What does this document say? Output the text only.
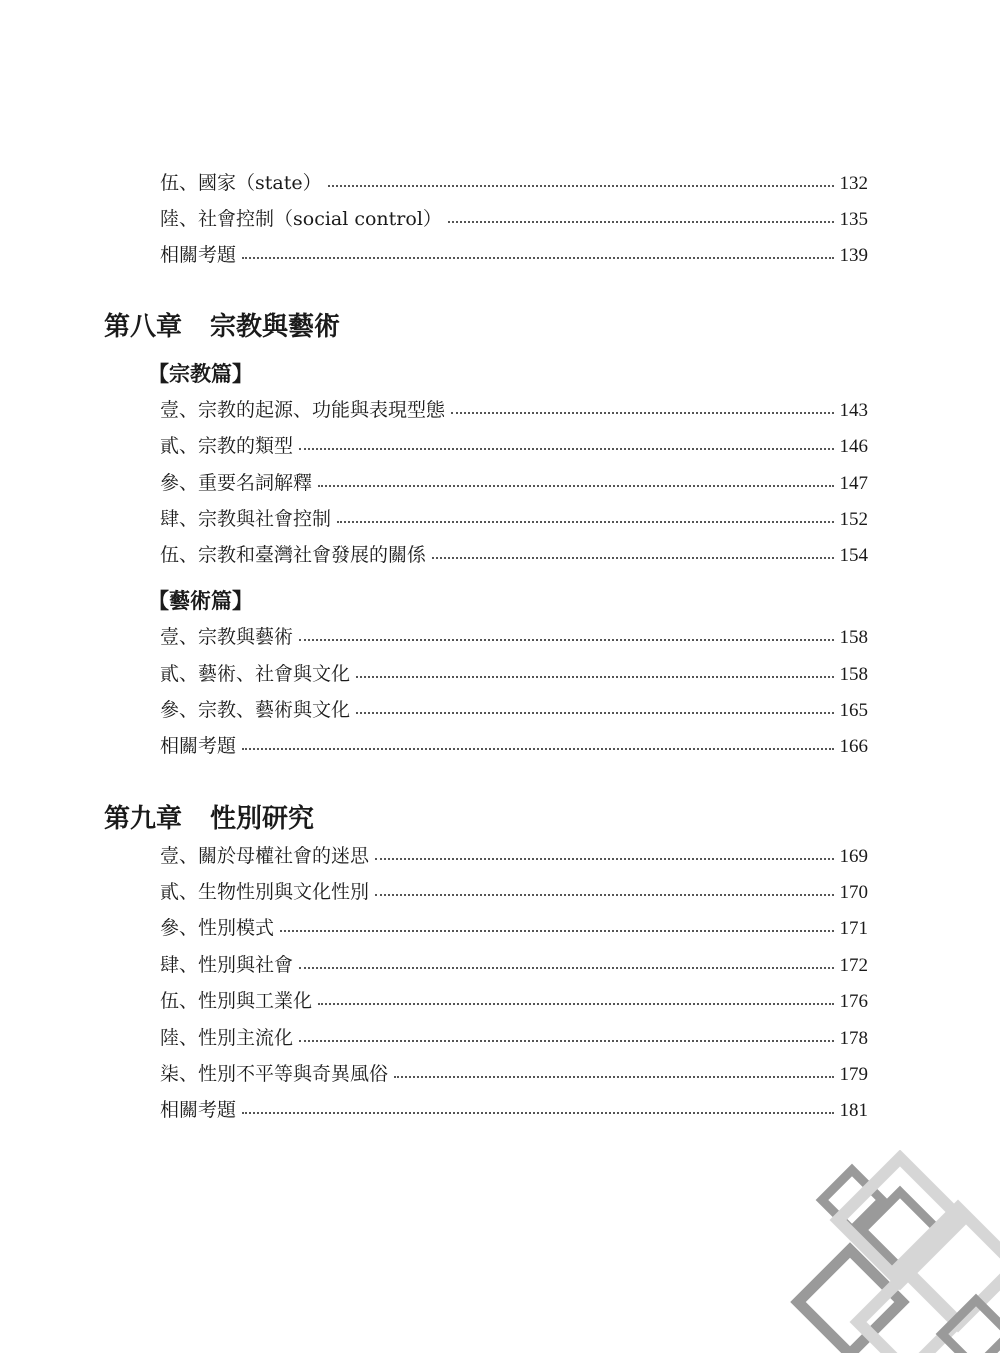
伍、國家（state）	132
陸、社會控制（social control）	135
相關考題	139
第八章 宗教與藝術
【宗教篇】
壹、宗教的起源、功能與表現型態	143
貳、宗教的類型	146
參、重要名詞解釋	147
肆、宗教與社會控制	152
伍、宗教和臺灣社會發展的關係	154
【藝術篇】
壹、宗教與藝術	158
貳、藝術、社會與文化	158
參、宗教、藝術與文化	165
相關考題	166
第九章 性別研究
壹、關於母權社會的迷思	169
貳、生物性別與文化性別	170
參、性別模式	171
肆、性別與社會	172
伍、性別與工業化	176
陸、性別主流化	178
柒、性別不平等與奇異風俗	179
相關考題	181
